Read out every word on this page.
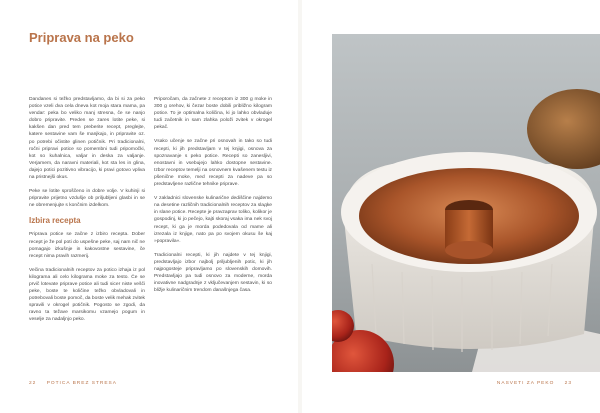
Priprava na peko

Dandanes si težko predstavljamo, da bi si za peko potice vzeli dva cela dneva kot moja stara mama, pa vendar: peka bo veliko manj stresna, če se nanjo dobro pripravite. Preden se zares lotite peke, si kakšen dan pred tem preberite recept, preglejte, katere sestavine vam še manjkajo, in pripravite oz. po potrebi očistite glinen potičnik. Pri tradicionalni, ročni pripravi potice so pomembni tudi pripomočki, kot so kuhalnica, valjar in deska za valjanje. Verjamem, da naravni materiali, kot sta les in glina, dajejo potici pozitivno vibracijo, ki pravi gotovo vpliva na pristnejši okus.

Peke se lotite sproščeno in dobre volje. V kuhinji si pripravite prijetno vzdušje ob priljubljeni glasbi in se ne obremenjujte s končnim izdelkom.

Izbira recepta

Priprava potice se začne z izbiro recepta. Dober recept je že pol poti do uspešne peke, saj nam nič ne pomagajo izkušnje in kakovostne sestavine, če recept nima pravih razmerij.

Večina tradicionalnih receptov za potico izhaja iz pol kilograma ali celo kilograma moke za testo. Če se prvič lotevate priprave potice ali tudi sicer niste vešči peke, boste te količine težko obvladovali in potrebovali boste pomoč, da boste velik mehak zvitek spravili v okrogel potičnik. Pogosto se zgodi, da ravno ta težave marsikomu vzamejo pogum in veselje za nadaljnjo peko.

Priporočam, da začnete z receptom iz 300 g moke in 300 g orehov, ki čezar boste dobili približno kilogram potice. To je optimalna količina, ki jo lahko obvladuje tudi začetnik in sam zlahka položi zvitek v okrogel pekač.

Vsako učenje se začne pri osnovah in tako so tudi recepti, ki jih predstavljam v tej knjigi, osnova za spoznavanje s peko potice. Recepti so zanesljivi, enostavni in vsebujejo lahko dostopne sestavine. Izbor receptov temelji na osnovnem kvašenem testu iz pšenične moke, med recepti za nadeve pa so predstavljene različne tehnike priprave.

V zakladnici slovenske kulinarične dediščine najdemo na desetine različnih tradicionalnih receptov za slадke in slane potice. Recepte je pravzaprav toliko, kolikor je gospodinj, ki jo pečejo, kajti skoraj vsaka ima nek svoj recept, ki ga je morda podedovala od mame ali izrezala iz knjige, nato pa po svojem okusu še kaj »popravila«.

Tradicionalni recepti, ki jih najdete v tej knjigi, predstavljajo izbor najbolj priljubljenih potic, ki jih najpogosteje pripravljamo po slovenskih domovih. Predstavljajo pa tudi osnovo za moderne, morda inovativne nadgradnje z vključevanjem sestavin, ki so bližje kulinaričnim trendom današnjega časa.

22 POTICA BREZ STRESA	NASVETI ZA PEKO 23
